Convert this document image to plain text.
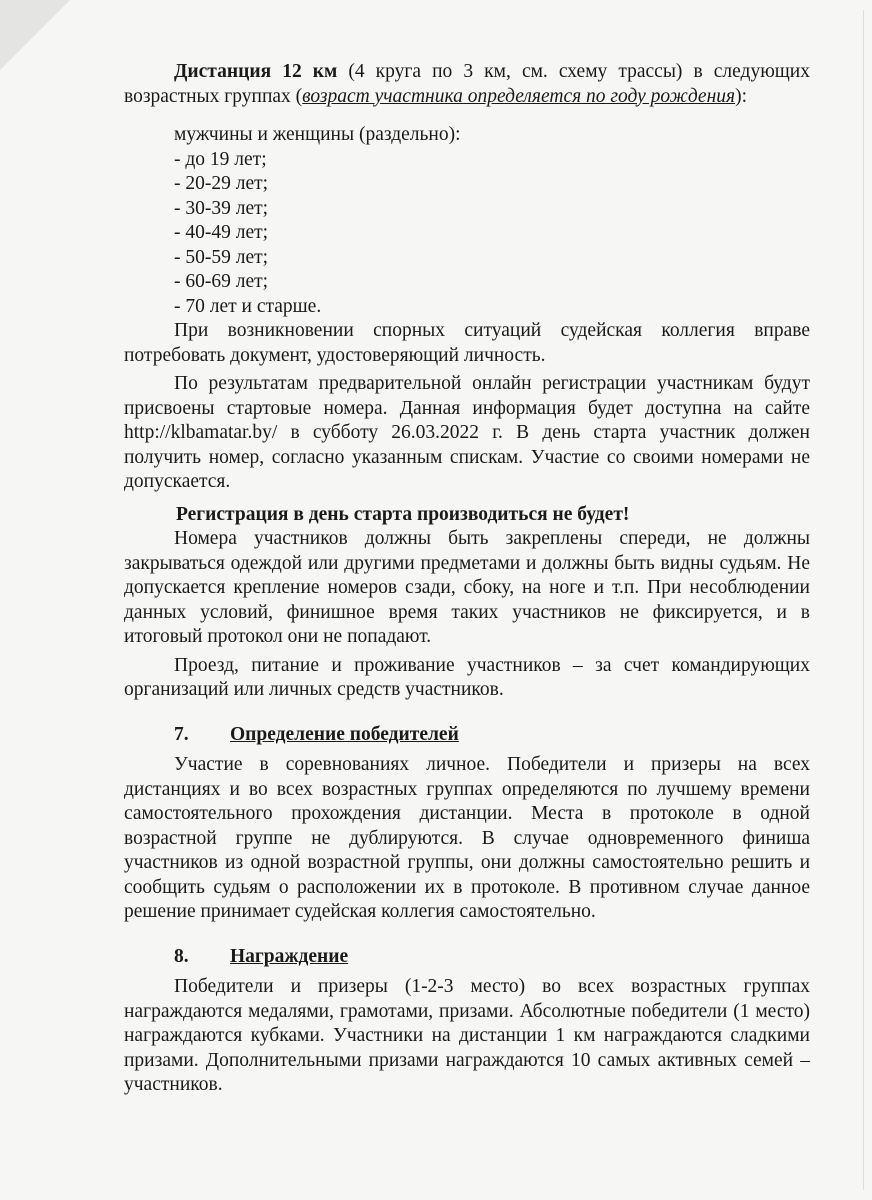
Дистанция 12 км (4 круга по 3 км, см. схему трассы) в следующих

возрастных группах (возраст участника определяется по году рождения):

мужчины и женщины (раздельно):
- до 19 лет;
- 20-29 лет;
- 30-39 лет;
- 40-49 лет;
- 50-59 лет;
- 60-69 лет;
- 70 лет и старше.

При возникновении спорных ситуаций судейская коллегия вправе потребовать документ, удостоверяющий личность.

По результатам предварительной онлайн регистрации участникам будут присвоены стартовые номера. Данная информация будет доступна на сайте http://klbamatar.by/ в субботу 26.03.2022 г. В день старта участник должен получить номер, согласно указанным спискам. Участие со своими номерами не допускается.

Регистрация в день старта производиться не будет!

Номера участников должны быть закреплены спереди, не должны закрываться одеждой или другими предметами и должны быть видны судьям. Не допускается крепление номеров сзади, сбоку, на ноге и т.п. При несоблюдении данных условий, финишное время таких участников не фиксируется, и в итоговый протокол они не попадают.

Проезд, питание и проживание участников – за счет командирующих организаций или личных средств участников.

7.	Определение победителей

Участие в соревнованиях личное. Победители и призеры на всех дистанциях и во всех возрастных группах определяются по лучшему времени самостоятельного прохождения дистанции. Места в протоколе в одной возрастной группе не дублируются. В случае одновременного финиша участников из одной возрастной группы, они должны самостоятельно решить и сообщить судьям о расположении их в протоколе. В противном случае данное решение принимает судейская коллегия самостоятельно.

8.	Награждение

Победители и призеры (1-2-3 место) во всех возрастных группах награждаются медалями, грамотами, призами. Абсолютные победители (1 место) награждаются кубками. Участники на дистанции 1 км награждаются сладкими призами. Дополнительными призами награждаются 10 самых активных семей – участников.
